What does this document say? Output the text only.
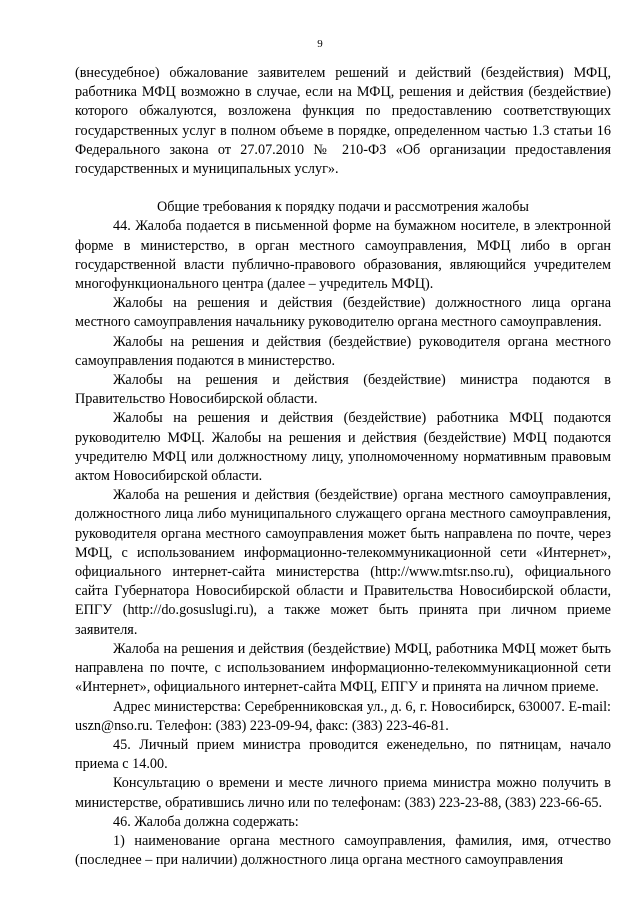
9

(внесудебное) обжалование заявителем решений и действий (бездействия) МФЦ, работника МФЦ возможно в случае, если на МФЦ, решения и действия (бездействие) которого обжалуются, возложена функция по предоставлению соответствующих государственных услуг в полном объеме в порядке, определенном частью 1.3 статьи 16 Федерального закона от 27.07.2010 № 210-ФЗ «Об организации предоставления государственных и муниципальных услуг».

Общие требования к порядку подачи и рассмотрения жалобы

44. Жалоба подается в письменной форме на бумажном носителе, в электронной форме в министерство, в орган местного самоуправления, МФЦ либо в орган государственной власти публично-правового образования, являющийся учредителем многофункционального центра (далее – учредитель МФЦ).

Жалобы на решения и действия (бездействие) должностного лица органа местного самоуправления начальнику руководителю органа местного самоуправления.

Жалобы на решения и действия (бездействие) руководителя органа местного самоуправления подаются в министерство.

Жалобы на решения и действия (бездействие) министра подаются в Правительство Новосибирской области.

Жалобы на решения и действия (бездействие) работника МФЦ подаются руководителю МФЦ. Жалобы на решения и действия (бездействие) МФЦ подаются учредителю МФЦ или должностному лицу, уполномоченному нормативным правовым актом Новосибирской области.

Жалоба на решения и действия (бездействие) органа местного самоуправления, должностного лица либо муниципального служащего органа местного самоуправления, руководителя органа местного самоуправления может быть направлена по почте, через МФЦ, с использованием информационно-телекоммуникационной сети «Интернет», официального интернет-сайта министерства (http://www.mtsr.nso.ru), официального сайта Губернатора Новосибирской области и Правительства Новосибирской области, ЕПГУ (http://do.gosuslugi.ru), а также может быть принята при личном приеме заявителя.

Жалоба на решения и действия (бездействие) МФЦ, работника МФЦ может быть направлена по почте, с использованием информационно-телекоммуникационной сети «Интернет», официального интернет-сайта МФЦ, ЕПГУ и принята на личном приеме.

Адрес министерства: Серебренниковская ул., д. 6, г. Новосибирск, 630007. E-mail: uszn@nso.ru. Телефон: (383) 223-09-94, факс: (383) 223-46-81.

45. Личный прием министра проводится еженедельно, по пятницам, начало приема с 14.00.

Консультацию о времени и месте личного приема министра можно получить в министерстве, обратившись лично или по телефонам: (383) 223-23-88, (383) 223-66-65.

46. Жалоба должна содержать:

1) наименование органа местного самоуправления, фамилия, имя, отчество (последнее – при наличии) должностного лица органа местного самоуправления
